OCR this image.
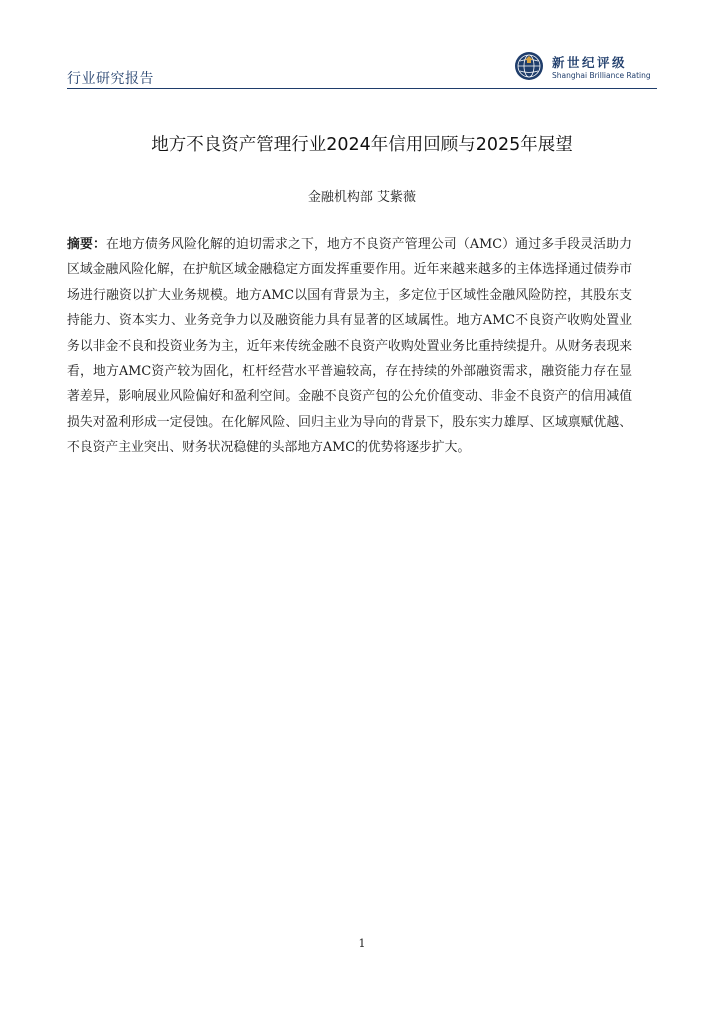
行业研究报告
新世纪评级
Shanghai Brilliance Rating
地方不良资产管理行业2024年信用回顾与2025年展望
金融机构部 艾紫薇
摘要：在地方债务风险化解的迫切需求之下，地方不良资产管理公司（AMC）通过多手段灵活助力区域金融风险化解，在护航区域金融稳定方面发挥重要作用。近年来越来越多的主体选择通过债券市场进行融资以扩大业务规模。地方AMC以国有背景为主，多定位于区域性金融风险防控，其股东支持能力、资本实力、业务竞争力以及融资能力具有显著的区域属性。地方AMC不良资产收购处置业务以非金不良和投资业务为主，近年来传统金融不良资产收购处置业务比重持续提升。从财务表现来看，地方AMC资产较为固化，杠杆经营水平普遍较高，存在持续的外部融资需求，融资能力存在显著差异，影响展业风险偏好和盈利空间。金融不良资产包的公允价值变动、非金不良资产的信用减值损失对盈利形成一定侵蚀。在化解风险、回归主业为导向的背景下，股东实力雄厚、区域禀赋优越、不良资产主业突出、财务状况稳健的头部地方AMC的优势将逐步扩大。
1
